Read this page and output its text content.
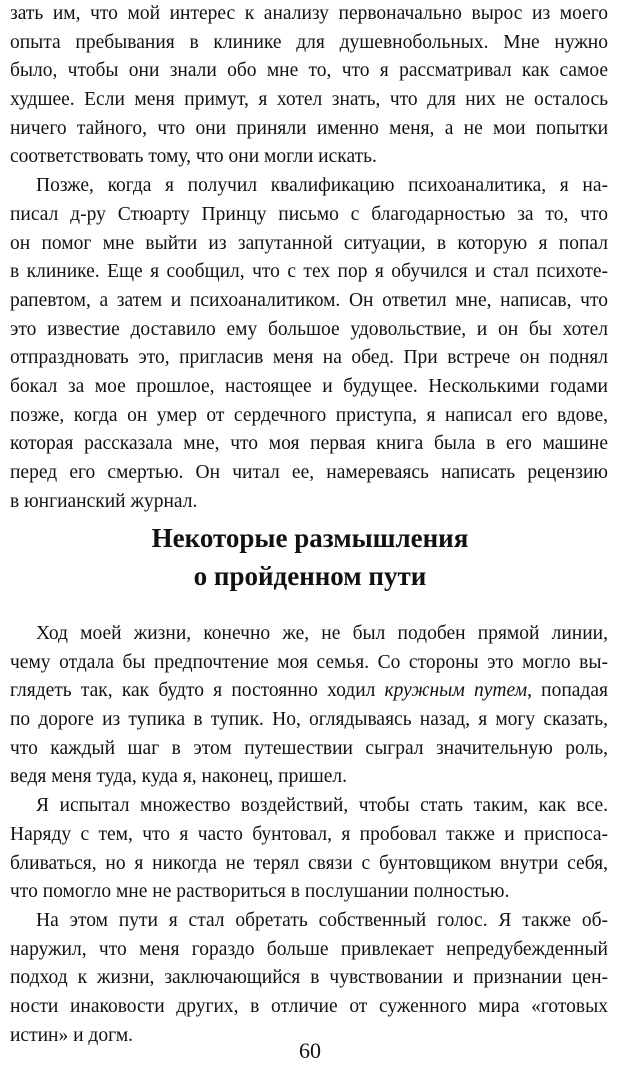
зать им, что мой интерес к анализу первоначально вырос из моего
опыта пребывания в клинике для душевнобольных. Мне нужно
было, чтобы они знали обо мне то, что я рассматривал как самое
худшее. Если меня примут, я хотел знать, что для них не осталось
ничего тайного, что они приняли именно меня, а не мои попытки
соответствовать тому, что они могли искать.
Позже, когда я получил квалификацию психоаналитика, я на-
писал д-ру Стюарту Принцу письмо с благодарностью за то, что
он помог мне выйти из запутанной ситуации, в которую я попал
в клинике. Еще я сообщил, что с тех пор я обучился и стал психоте-
рапевтом, а затем и психоаналитиком. Он ответил мне, написав, что
это известие доставило ему большое удовольствие, и он бы хотел
отпраздновать это, пригласив меня на обед. При встрече он поднял
бокал за мое прошлое, настоящее и будущее. Несколькими годами
позже, когда он умер от сердечного приступа, я написал его вдове,
которая рассказала мне, что моя первая книга была в его машине
перед его смертью. Он читал ее, намереваясь написать рецензию
в юнгианский журнал.
Некоторые размышления
о пройденном пути
Ход моей жизни, конечно же, не был подобен прямой линии,
чему отдала бы предпочтение моя семья. Со стороны это могло вы-
глядеть так, как будто я постоянно ходил кружным путем, попадая
по дороге из тупика в тупик. Но, оглядываясь назад, я могу сказать,
что каждый шаг в этом путешествии сыграл значительную роль,
ведя меня туда, куда я, наконец, пришел.
Я испытал множество воздействий, чтобы стать таким, как все.
Наряду с тем, что я часто бунтовал, я пробовал также и приспоса-
бливаться, но я никогда не терял связи с бунтовщиком внутри себя,
что помогло мне не раствориться в послушании полностью.
На этом пути я стал обретать собственный голос. Я также об-
наружил, что меня гораздо больше привлекает непредубежденный
подход к жизни, заключающийся в чувствовании и признании цен-
ности инаковости других, в отличие от суженного мира «готовых
истин» и догм.
60
